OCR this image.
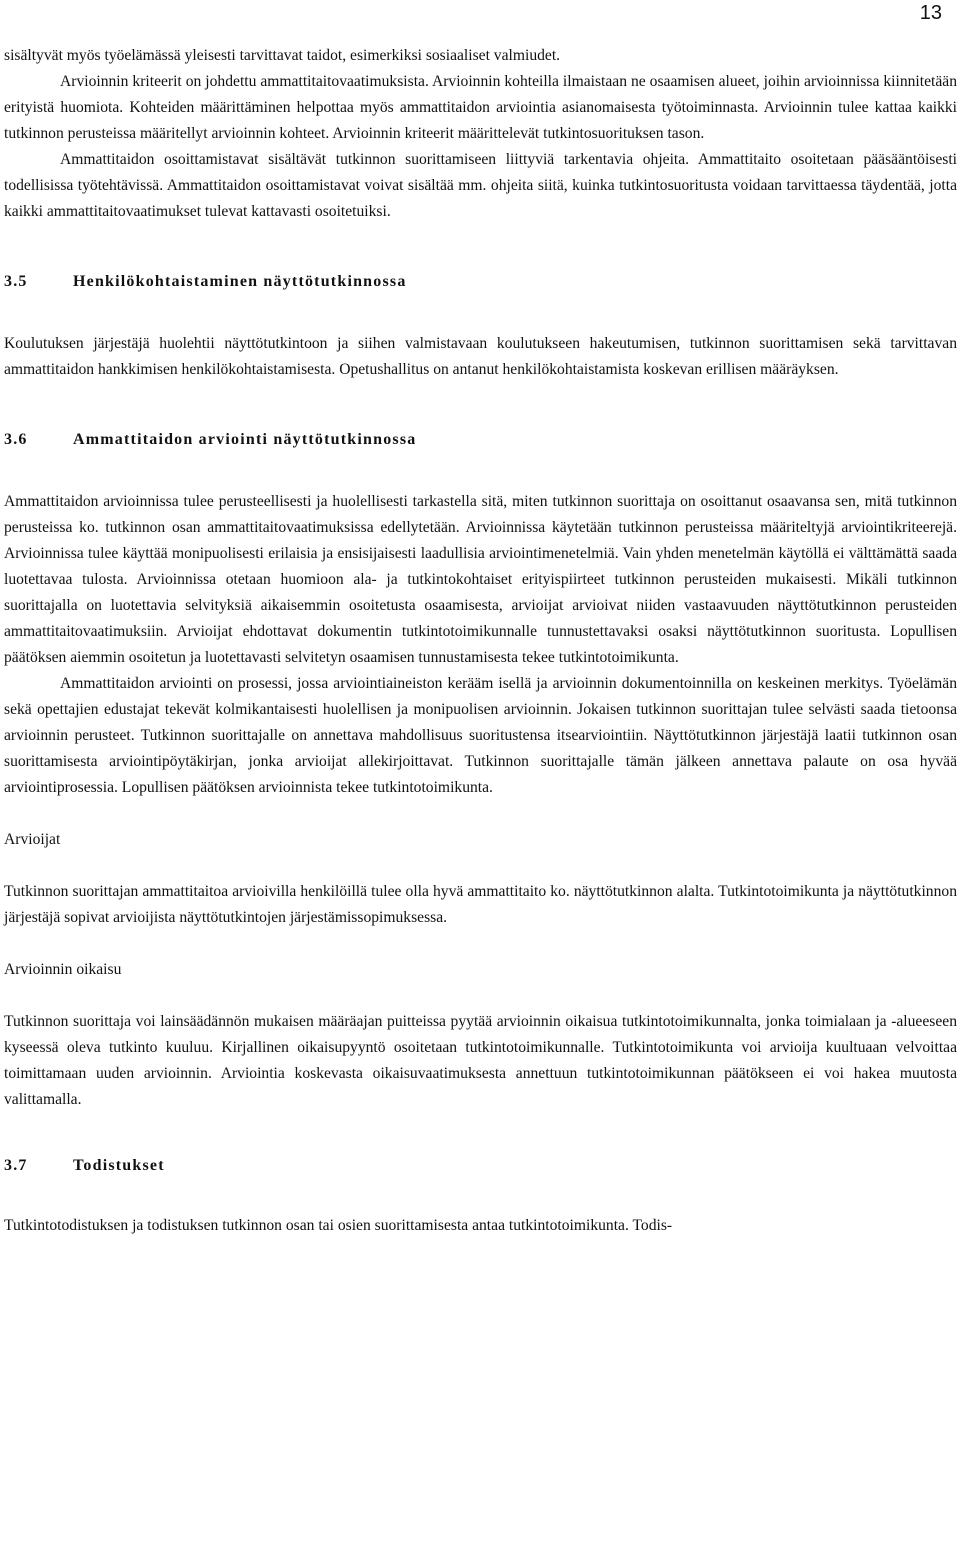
13

sisältyvät myös työelämässä yleisesti tarvittavat taidot, esimerkiksi sosiaaliset valmiudet.

Arvioinnin kriteerit on johdettu ammattitaitovaatimuksista. Arvioinnin kohteilla ilmaistaan ne osaamisen alueet, joihin arvioinnissa kiinnitetään erityistä huomiota. Kohteiden määrittäminen helpottaa myös ammattitaidon arviointia asianomaisesta työtoiminnasta. Arvioinnin tulee kattaa kaikki tutkinnon perusteissa määritellyt arvioinnin kohteet. Arvioinnin kriteerit määrittelevät tutkintosuorituksen tason.

Ammattitaidon osoittamistavat sisältävät tutkinnon suorittamiseen liittyviä tarkentavia ohjeita. Ammattitaito osoitetaan pääsääntöisesti todellisissa työtehtävissä. Ammattitaidon osoittamistavat voivat sisältää mm. ohjeita siitä, kuinka tutkintosuoritusta voidaan tarvittaessa täydentää, jotta kaikki ammattitaitovaatimukset tulevat kattavasti osoitetuiksi.

3.5	Henkilökohtaistaminen näyttötutkinnossa

Koulutuksen järjestäjä huolehtii näyttötutkintoon ja siihen valmistavaan koulutukseen hakeutumisen, tutkinnon suorittamisen sekä tarvittavan ammattitaidon hankkimisen henkilökohtaistamisesta. Opetushallitus on antanut henkilökohtaistamista koskevan erillisen määräyksen.

3.6	Ammattitaidon arviointi näyttötutkinnossa

Ammattitaidon arvioinnissa tulee perusteellisesti ja huolellisesti tarkastella sitä, miten tutkinnon suorittaja on osoittanut osaavansa sen, mitä tutkinnon perusteissa ko. tutkinnon osan ammattitaitovaatimuksissa edellytetään. Arvioinnissa käytetään tutkinnon perusteissa määriteltyjä arviointikriteerejä. Arvioinnissa tulee käyttää monipuolisesti erilaisia ja ensisijaisesti laadullisia arviointimenetelmiä. Vain yhden menetelmän käytöllä ei välttämättä saada luotettavaa tulosta. Arvioinnissa otetaan huomioon ala- ja tutkintokohtaiset erityispiirteet tutkinnon perusteiden mukaisesti. Mikäli tutkinnon suorittajalla on luotettavia selvityksiä aikaisemmin osoitetusta osaamisesta, arvioijat arvioivat niiden vastaavuuden näyttötutkinnon perusteiden ammattitaitovaatimuksiin. Arvioijat ehdottavat dokumentin tutkintotoimikunnalle tunnustettavaksi osaksi näyttötutkinnon suoritusta. Lopullisen päätöksen aiemmin osoitetun ja luotettavasti selvitetyn osaamisen tunnustamisesta tekee tutkintotoimikunta.

Ammattitaidon arviointi on prosessi, jossa arviointiaineiston kerääm isellä ja arvioinnin dokumentoinnilla on keskeinen merkitys. Työelämän sekä opettajien edustajat tekevät kolmikantaisesti huolellisen ja monipuolisen arvioinnin. Jokaisen tutkinnon suorittajan tulee selvästi saada tietoonsa arvioinnin perusteet. Tutkinnon suorittajalle on annettava mahdollisuus suoritustensa itsearviointiin. Näyttötutkinnon järjestäjä laatii tutkinnon osan suorittamisesta arviointipöytäkirjan, jonka arvioijat allekirjoittavat. Tutkinnon suorittajalle tämän jälkeen annettava palaute on osa hyvää arviointiprosessia. Lopullisen päätöksen arvioinnista tekee tutkintotoimikunta.

Arvioijat

Tutkinnon suorittajan ammattitaitoa arvioivilla henkilöillä tulee olla hyvä ammattitaito ko. näyttötutkinnon alalta. Tutkintotoimikunta ja näyttötutkinnon järjestäjä sopivat arvioijista näyttötutkintojen järjestämissopimuksessa.

Arvioinnin oikaisu

Tutkinnon suorittaja voi lainsäädännön mukaisen määräajan puitteissa pyytää arvioinnin oikaisua tutkintotoimikunnalta, jonka toimialaan ja -alueeseen kyseessä oleva tutkinto kuuluu. Kirjallinen oikaisupyyntö osoitetaan tutkintotoimikunnalle. Tutkintotoimikunta voi arvioija kuultuaan velvoittaa toimittamaan uuden arvioinnin. Arviointia koskevasta oikaisuvaatimuksesta annettuun tutkintotoimikunnan päätökseen ei voi hakea muutosta valittamalla.

3.7	Todistukset

Tutkintotodistuksen ja todistuksen tutkinnon osan tai osien suorittamisesta antaa tutkintotoimikunta. Todis-
